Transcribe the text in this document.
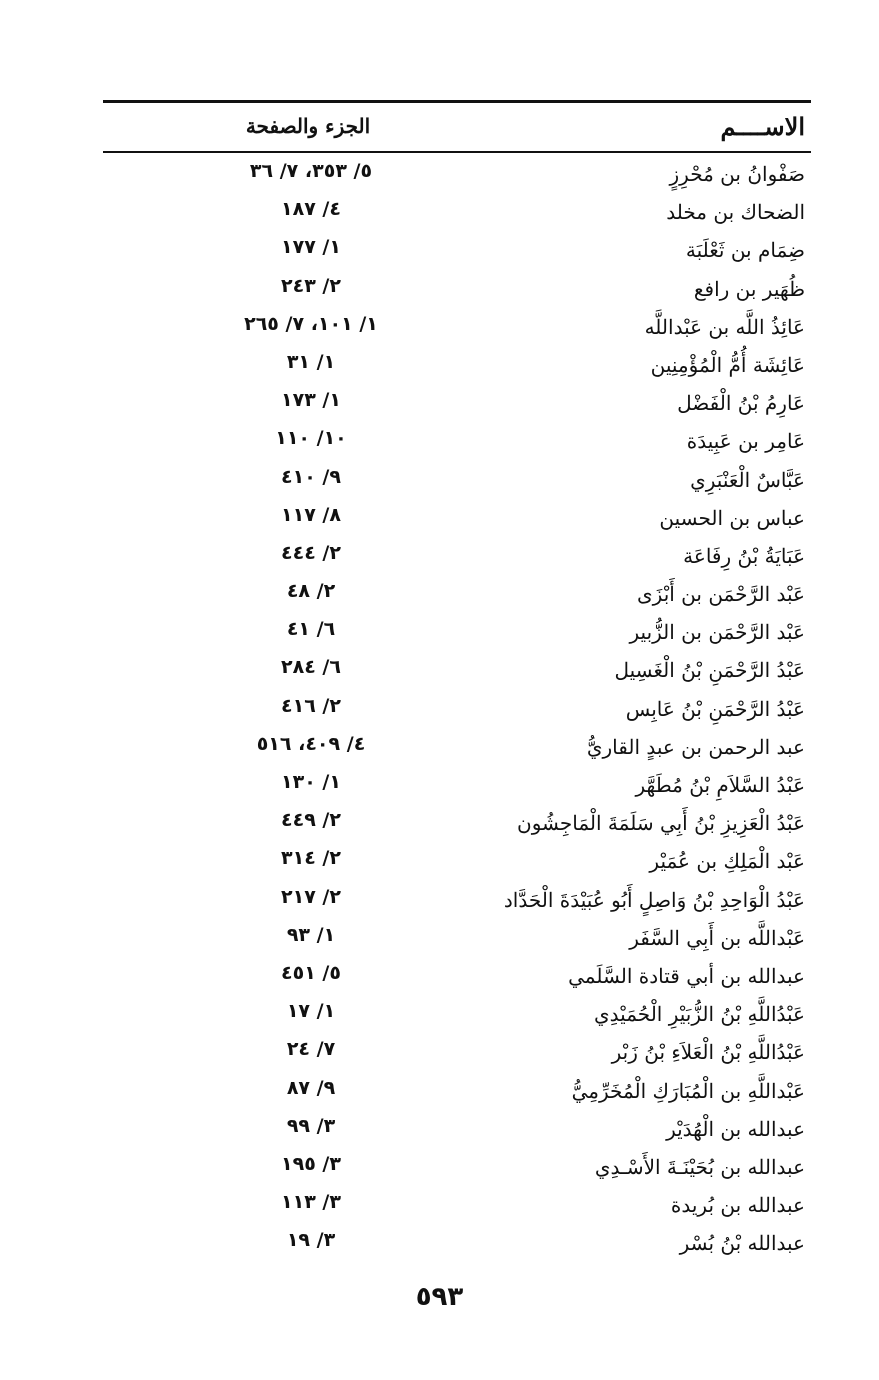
الاســــم
الجزء والصفحة
صَفْوانُ بن مُحْرِزٍ
٥/ ٣٥٣، ٧/ ٣٦
الضحاك بن مخلد
٤/ ١٨٧
ضِمَام بن ثَعْلَبَة
١/ ١٧٧
ظُهَير بن رافع
٢/ ٢٤٣
عَائِذُ اللَّه بن عَبْداللَّه
١/ ١٠١، ٧/ ٢٦٥
عَائِشَة أُمُّ الْمُؤْمِنِين
١/ ٣١
عَارِمُ بْنُ الْفَضْل
١/ ١٧٣
عَامِر بن عَبِيدَة
١٠/ ١١٠
عَبَّاسٌ الْعَنْبَرِي
٩/ ٤١٠
عباس بن الحسين
٨/ ١١٧
عَبَايَةُ بْنُ رِفَاعَة
٢/ ٤٤٤
عَبْد الرَّحْمَن بن أَبْزَى
٢/ ٤٨
عَبْد الرَّحْمَن بن الزُّبير
٦/ ٤١
عَبْدُ الرَّحْمَنِ بْنُ الْغَسِيل
٦/ ٢٨٤
عَبْدُ الرَّحْمَنِ بْنُ عَابِس
٢/ ٤١٦
عبد الرحمن بن عبدٍ القاريُّ
٤/ ٤٠٩، ٥١٦
عَبْدُ السَّلاَمِ بْنُ مُطَهَّر
١/ ١٣٠
عَبْدُ الْعَزِيزِ بْنُ أَبِي سَلَمَةَ الْمَاجِشُون
٢/ ٤٤٩
عَبْد الْمَلِكِ بن عُمَيْر
٢/ ٣١٤
عَبْدُ الْوَاحِدِ بْنُ وَاصِلٍ أَبُو عُبَيْدَةَ الْحَدَّاد
٢/ ٢١٧
عَبْداللَّه بن أَبِي السَّفَر
١/ ٩٣
عبدالله بن أبي قتادة السَّلَمي
٥/ ٤٥١
عَبْدُاللَّهِ بْنُ الزُّبَيْرِ الْحُمَيْدِي
١/ ١٧
عَبْدُاللَّهِ بْنُ الْعَلاَءِ بْنُ زَبْر
٧/ ٢٤
عَبْداللَّهِ بن الْمُبَارَكِ الْمُخَرِّمِيُّ
٩/ ٨٧
عبدالله بن الْهُدَيْر
٣/ ٩٩
عبدالله بن بُحَيْنَـةَ الأَسْـدِي
٣/ ١٩٥
عبدالله بن بُريدة
٣/ ١١٣
عبدالله بْنُ بُسْر
٣/ ١٩
٥٩٣
